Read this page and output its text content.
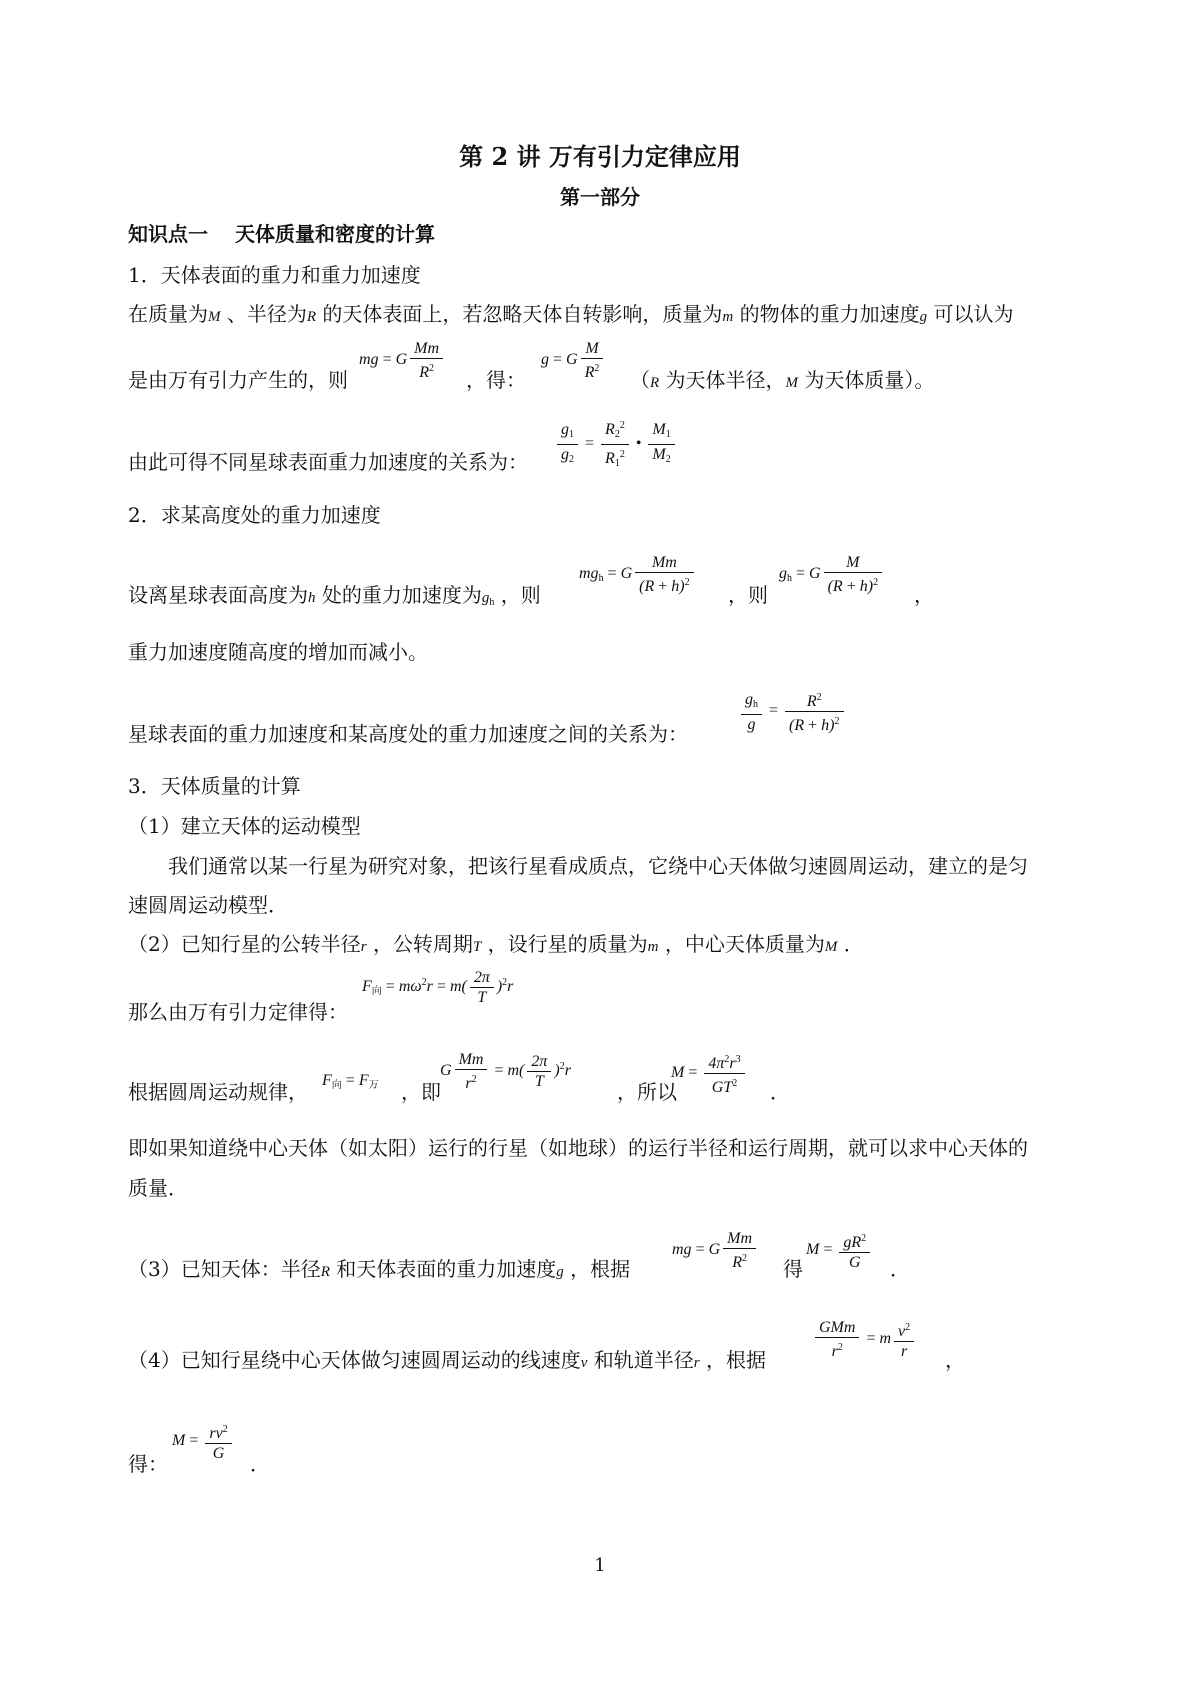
第 2 讲 万有引力定律应用
第一部分
知识点一　 天体质量和密度的计算
1．天体表面的重力和重力加速度
在质量为M 、半径为R 的天体表面上，若忽略天体自转影响，质量为m 的物体的重力加速度g 可以认为
是由万有引力产生的，则
mg = G $\frac{Mm}{R^2}$ ，得：
g = G $\frac{M}{R^2} (R$ 为天体半径，M 为天体质量）。
由此可得不同星球表面重力加速度的关系为： $\frac{g_1}{g_2} = \frac{R_2^2}{R_1^2}$ • $\frac{M_1}{M_2}$
2．求某高度处的重力加速度
设离星球表面高度为h 处的重力加速度为$g_h$ ，则
$mg_h = G \frac{Mm}{(R + h)^2}$ ，则
$g_h = G \frac{M}{(R + h)^2}$ ，
重力加速度随高度的增加而减小。
星球表面的重力加速度和某高度处的重力加速度之间的关系为：
$\frac{g_h}{g} = \frac{R^2}{(R + h)^2}$
3．天体质量的计算
（1）建立天体的运动模型
　　我们通常以某一行星为研究对象，把该行星看成质点，它绕中心天体做匀速圆周运动，建立的是匀
速圆周运动模型．
（2）已知行星的公转半径r ，公转周期T ，设行星的质量为m ，中心天体质量为M ．
那么由万有引力定律得：
$F_向 = m\omega^2r = m( \frac{2\pi}{T} )^2r$
根据圆周运动规律， $F_向 = F_万$ ，即
G $\frac{Mm}{r^2} = m( \frac{2\pi}{T} )^2r$
，所以
$M = \frac{4\pi^2r^3}{GT^2}$ ．
即如果知道绕中心天体（如太阳）运行的行星（如地球）的运行半径和运行周期，就可以求中心天体的
质量．
（3）已知天体：半径R 和天体表面的重力加速度g ，根据
mg = G $\frac{Mm}{R^2}$ 得
$M = \frac{gR^2}{G}$ ．
（4）已知行星绕中心天体做匀速圆周运动的线速度v 和轨道半径r ，根据	$\frac{\text{GMm}}{r^2} = m \frac{v^2}{r}$ ，
得：
$M = \frac{rv^2}{G}$
．
1
